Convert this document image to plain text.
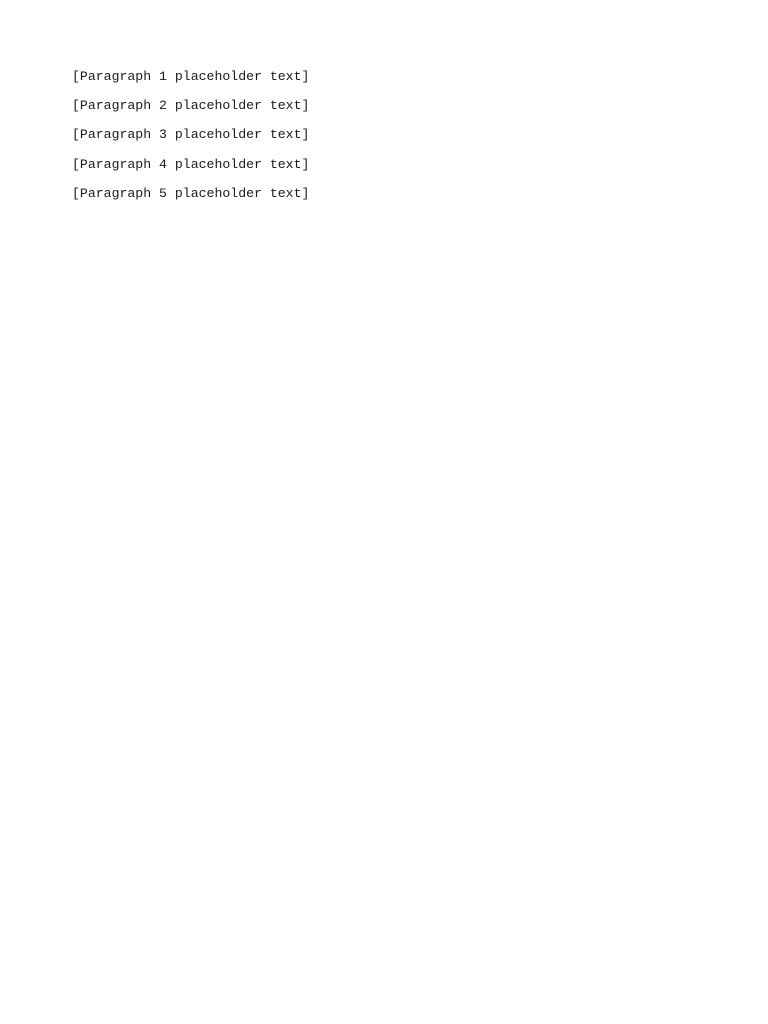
[Paragraph 1 placeholder text]

[Paragraph 2 placeholder text]

[Paragraph 3 placeholder text]

[Paragraph 4 placeholder text]

[Paragraph 5 placeholder text]
